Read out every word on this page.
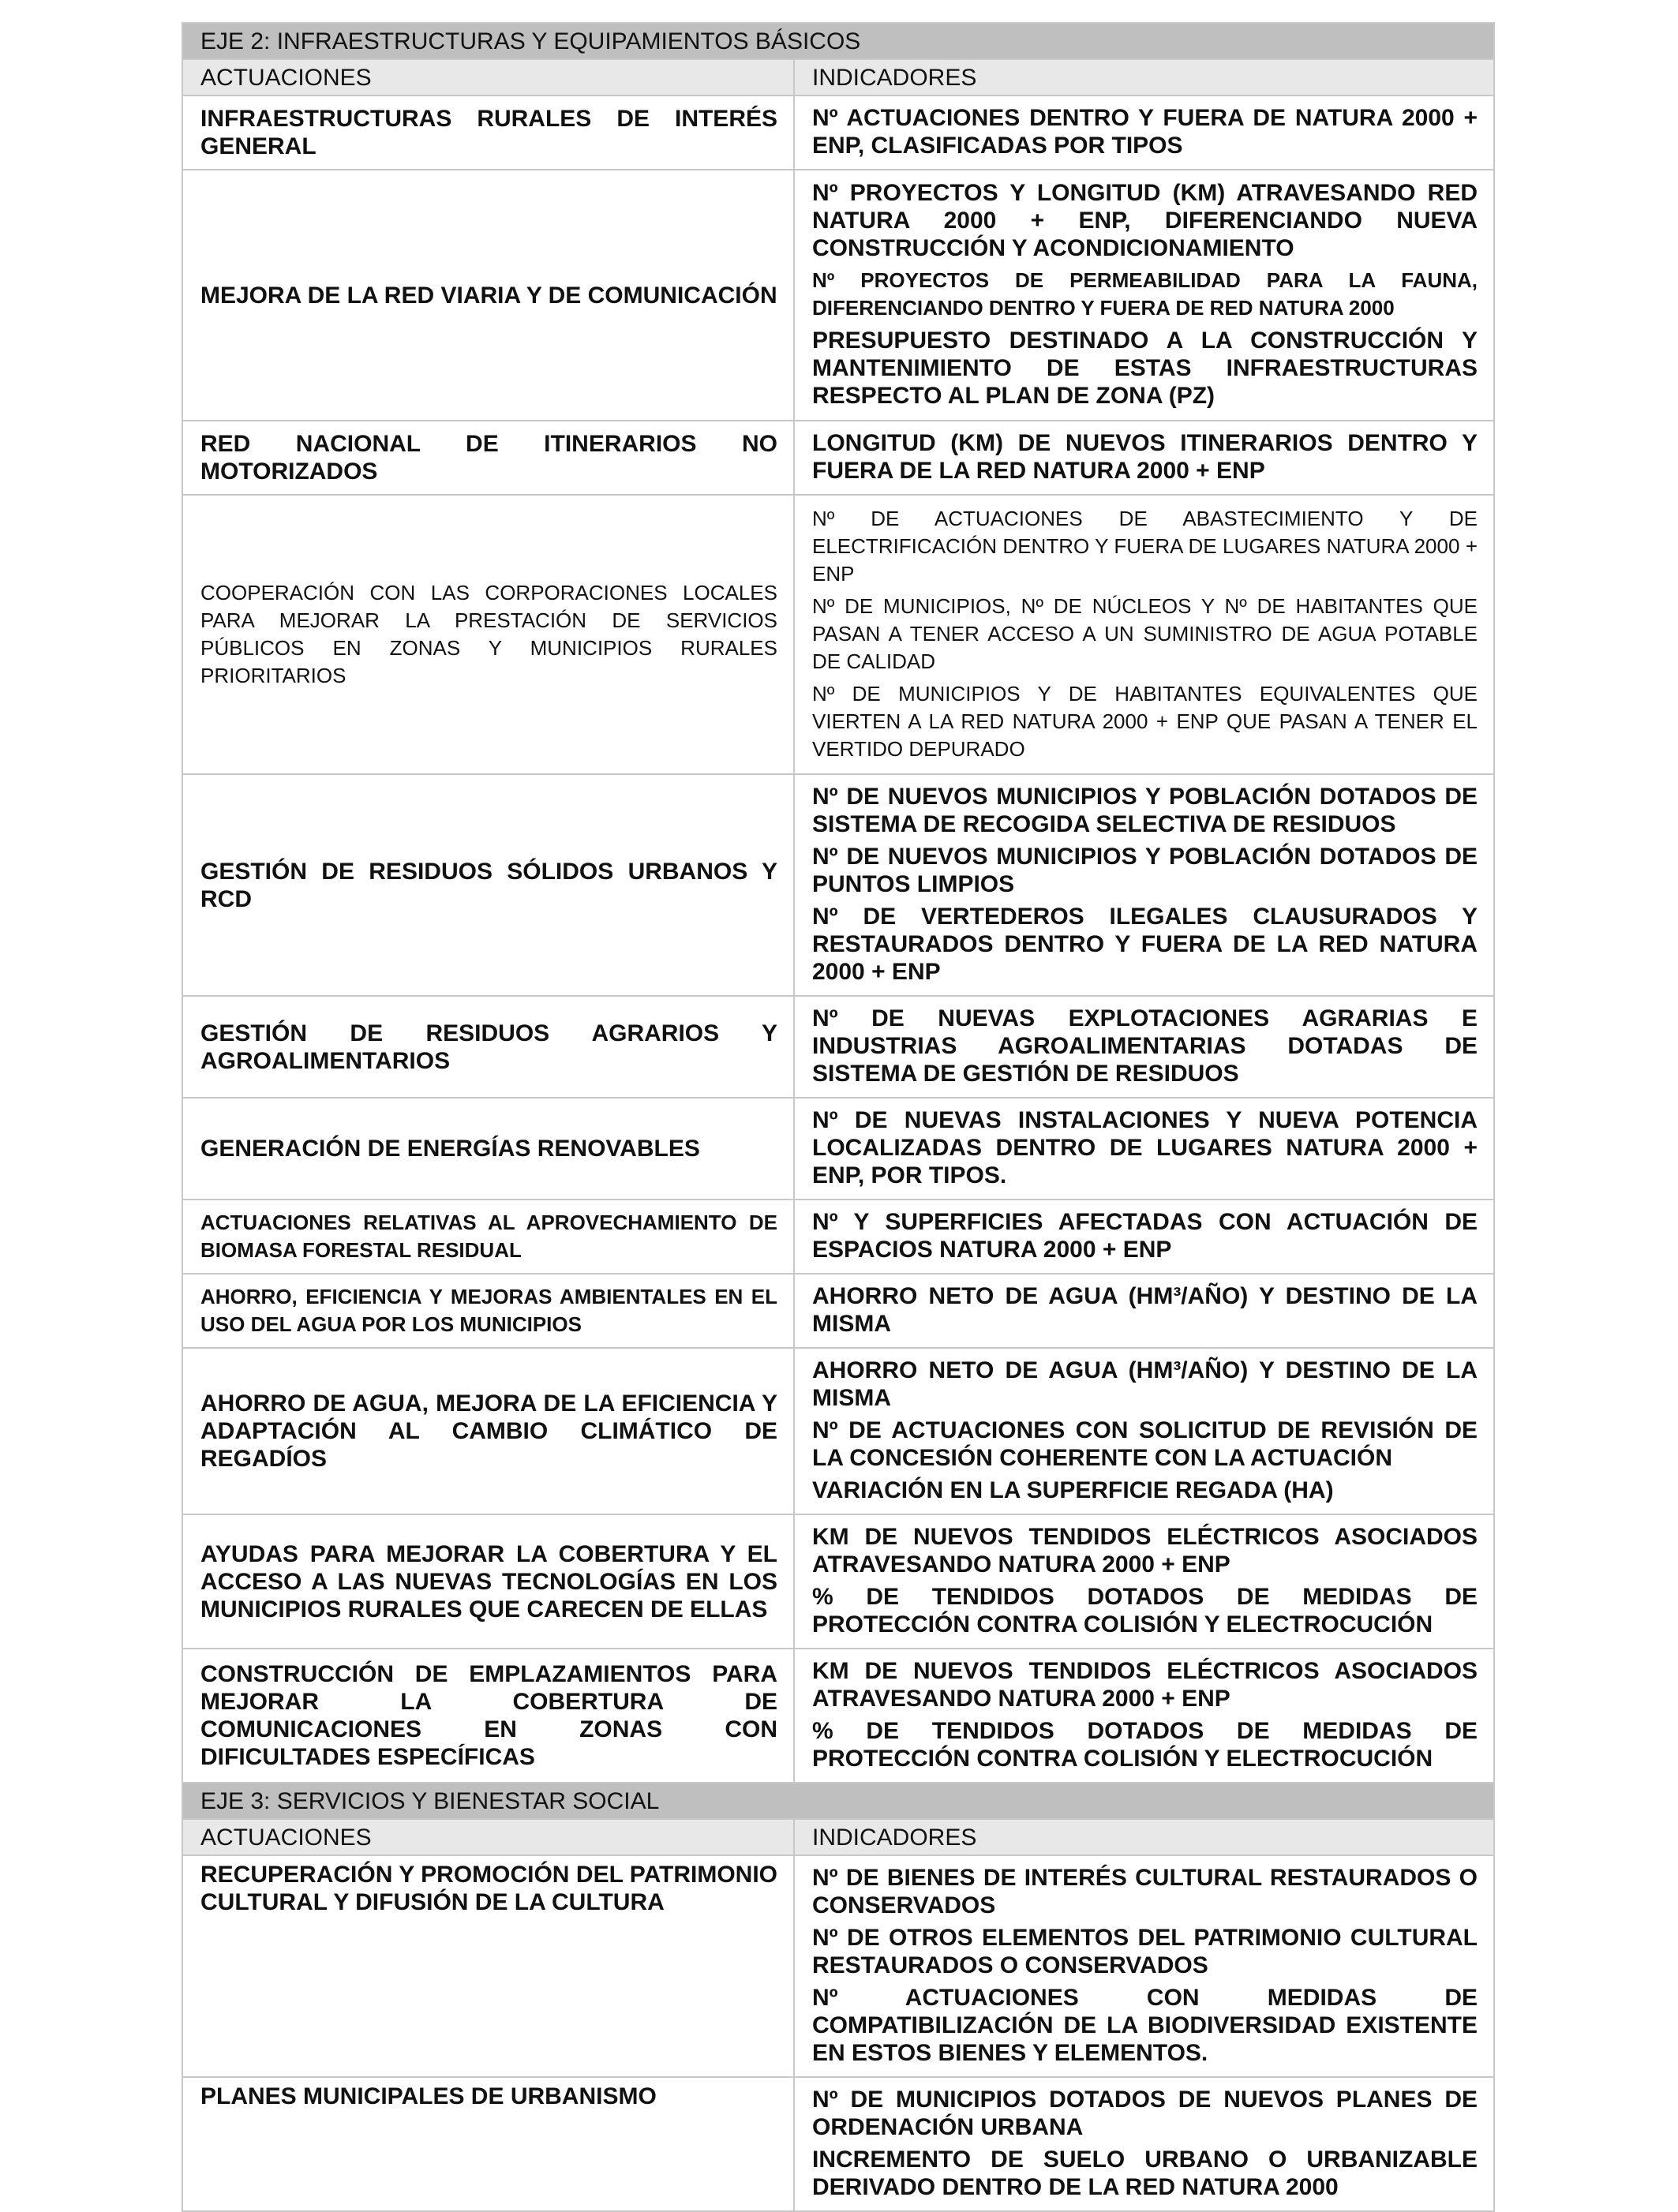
EJE 2: INFRAESTRUCTURAS Y EQUIPAMIENTOS BÁSICOS	
ACTUACIONES	INDICADORES
INFRAESTRUCTURAS RURALES DE INTERÉS GENERAL	Nº ACTUACIONES DENTRO Y FUERA DE NATURA 2000 + ENP, CLASIFICADAS POR TIPOS

MEJORA DE LA RED VIARIA Y DE COMUNICACIÓN	Nº PROYECTOS Y LONGITUD (KM) ATRAVESANDO RED NATURA 2000 + ENP, DIFERENCIANDO NUEVA CONSTRUCCIÓN Y ACONDICIONAMIENTO
Nº PROYECTOS DE PERMEABILIDAD PARA LA FAUNA, DIFERENCIANDO DENTRO Y FUERA DE RED NATURA 2000
PRESUPUESTO DESTINADO A LA CONSTRUCCIÓN Y MANTENIMIENTO DE ESTAS INFRAESTRUCTURAS RESPECTO AL PLAN DE ZONA (PZ)

RED NACIONAL DE ITINERARIOS NO MOTORIZADOS	LONGITUD (KM) DE NUEVOS ITINERARIOS DENTRO Y FUERA DE LA RED NATURA 2000 + ENP

COOPERACIÓN CON LAS CORPORACIONES LOCALES PARA MEJORAR LA PRESTACIÓN DE SERVICIOS PÚBLICOS EN ZONAS Y MUNICIPIOS RURALES PRIORITARIOS	Nº DE ACTUACIONES DE ABASTECIMIENTO Y DE ELECTRIFICACIÓN DENTRO Y FUERA DE LUGARES NATURA 2000 + ENP
Nº DE MUNICIPIOS, Nº DE NÚCLEOS Y Nº DE HABITANTES QUE PASAN A TENER ACCESO A UN SUMINISTRO DE AGUA POTABLE DE CALIDAD
Nº DE MUNICIPIOS Y DE HABITANTES EQUIVALENTES QUE VIERTEN A LA RED NATURA 2000 + ENP QUE PASAN A TENER EL VERTIDO DEPURADO

GESTIÓN DE RESIDUOS SÓLIDOS URBANOS Y RCD	Nº DE NUEVOS MUNICIPIOS Y POBLACIÓN DOTADOS DE SISTEMA DE RECOGIDA SELECTIVA DE RESIDUOS
Nº DE NUEVOS MUNICIPIOS Y POBLACIÓN DOTADOS DE PUNTOS LIMPIOS
Nº DE VERTEDEROS ILEGALES CLAUSURADOS Y RESTAURADOS DENTRO Y FUERA DE LA RED NATURA 2000 + ENP

GESTIÓN DE RESIDUOS AGRARIOS Y AGROALIMENTARIOS	Nº DE NUEVAS EXPLOTACIONES AGRARIAS E INDUSTRIAS AGROALIMENTARIAS DOTADAS DE SISTEMA DE GESTIÓN DE RESIDUOS

GENERACIÓN DE ENERGÍAS RENOVABLES	Nº DE NUEVAS INSTALACIONES Y NUEVA POTENCIA LOCALIZADAS DENTRO DE LUGARES NATURA 2000 + ENP, POR TIPOS.

ACTUACIONES RELATIVAS AL APROVECHAMIENTO DE BIOMASA FORESTAL RESIDUAL	Nº Y SUPERFICIES AFECTADAS CON ACTUACIÓN DE ESPACIOS NATURA 2000 + ENP

AHORRO, EFICIENCIA Y MEJORAS AMBIENTALES EN EL USO DEL AGUA POR LOS MUNICIPIOS	AHORRO NETO DE AGUA (HM³/AÑO) Y DESTINO DE LA MISMA

AHORRO DE AGUA, MEJORA DE LA EFICIENCIA Y ADAPTACIÓN AL CAMBIO CLIMÁTICO DE REGADÍOS	AHORRO NETO DE AGUA (HM³/AÑO) Y DESTINO DE LA MISMA
Nº DE ACTUACIONES CON SOLICITUD DE REVISIÓN DE LA CONCESIÓN COHERENTE CON LA ACTUACIÓN
VARIACIÓN EN LA SUPERFICIE REGADA (HA)

AYUDAS PARA MEJORAR LA COBERTURA Y EL ACCESO A LAS NUEVAS TECNOLOGÍAS EN LOS MUNICIPIOS RURALES QUE CARECEN DE ELLAS	KM DE NUEVOS TENDIDOS ELÉCTRICOS ASOCIADOS ATRAVESANDO NATURA 2000 + ENP
% DE TENDIDOS DOTADOS DE MEDIDAS DE PROTECCIÓN CONTRA COLISIÓN Y ELECTROCUCIÓN

CONSTRUCCIÓN DE EMPLAZAMIENTOS PARA MEJORAR LA COBERTURA DE COMUNICACIONES EN ZONAS CON DIFICULTADES ESPECÍFICAS	KM DE NUEVOS TENDIDOS ELÉCTRICOS ASOCIADOS ATRAVESANDO NATURA 2000 + ENP
% DE TENDIDOS DOTADOS DE MEDIDAS DE PROTECCIÓN CONTRA COLISIÓN Y ELECTROCUCIÓN

EJE 3: SERVICIOS Y BIENESTAR SOCIAL	
ACTUACIONES	INDICADORES
RECUPERACIÓN Y PROMOCIÓN DEL PATRIMONIO CULTURAL Y DIFUSIÓN DE LA CULTURA	Nº DE BIENES DE INTERÉS CULTURAL RESTAURADOS O CONSERVADOS
Nº DE OTROS ELEMENTOS DEL PATRIMONIO CULTURAL RESTAURADOS O CONSERVADOS
Nº ACTUACIONES CON MEDIDAS DE COMPATIBILIZACIÓN DE LA BIODIVERSIDAD EXISTENTE EN ESTOS BIENES Y ELEMENTOS.

PLANES MUNICIPALES DE URBANISMO	Nº DE MUNICIPIOS DOTADOS DE NUEVOS PLANES DE ORDENACIÓN URBANA
INCREMENTO DE SUELO URBANO O URBANIZABLE DERIVADO DENTRO DE LA RED NATURA 2000
